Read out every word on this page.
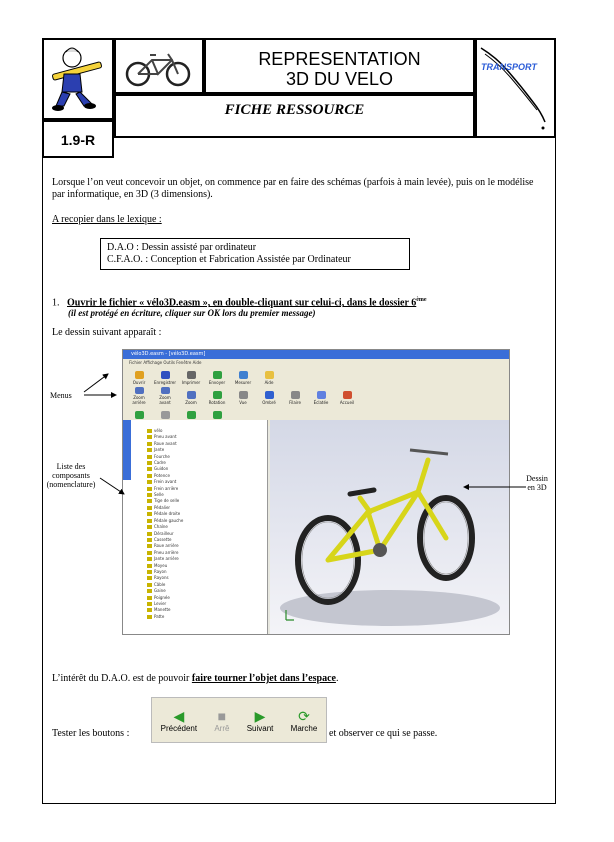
REPRESENTATION
3D DU VELO
FICHE RESSOURCE
TRANSPORT
1.9-R
Lorsque l’on veut concevoir un objet, on commence par en faire des schémas (parfois à main levée), puis on le modélise par informatique, en 3D (3 dimensions).
A recopier dans le lexique :
D.A.O : Dessin assisté par ordinateur
C.F.A.O. : Conception et Fabrication Assistée par Ordinateur
1. Ouvrir le fichier « vélo3D.easm », en double-cliquant sur celui-ci, dans le dossier 6ème
(il est protégé en écriture, cliquer sur OK lors du premier message)
Le dessin suivant apparaît :
vélo3D.easm - [vélo3D.easm]
Fichier Affichage Outils Fenêtre Aide
Ouvrir Enregistrer Imprimer Envoyer Mesurer	Aide
Zoom arrière
Zoom avant	Zoom	Rotation	Vue	Ombré	Filaire	Éclatée	Accueil
vélo
Pneu avant
Roue avant
Jante
Fourche
Cadre
Guidon
Potence
Frein avant
Frein arrière
Selle
Tige de selle
Pédalier
Pédale droite
Pédale gauche
Chaîne
Dérailleur
Cassette
Roue arrière
Pneu arrière
Jante arrière
Moyeu
Rayon
Rayons
Câble
Gaine
Poignée
Levier
Manette
Patte
Menus
Liste des composants (nomenclature)
Dessin
en 3D
L’intérêt du D.A.O. est de pouvoir faire tourner l’objet dans l’espace.
Tester les boutons :
◀
Précédent
■
Arrê
▶
Suivant
⟳
Marche et observer ce qui se passe.
